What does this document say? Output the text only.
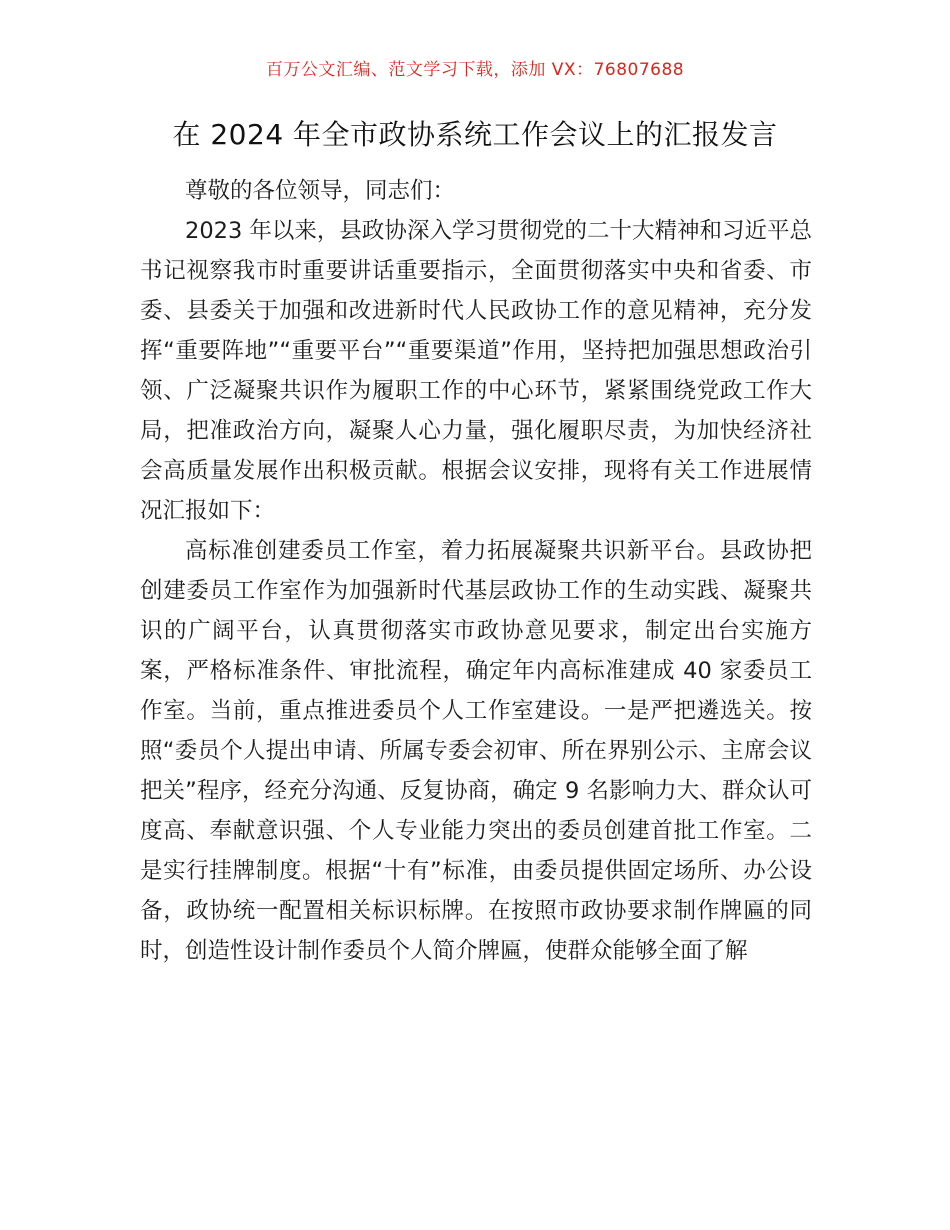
百万公文汇编、范文学习下载，添加 VX：76807688
在 2024 年全市政协系统工作会议上的汇报发言

尊敬的各位领导，同志们：

2023 年以来，县政协深入学习贯彻党的二十大精神和习近平总书记视察我市时重要讲话重要指示，全面贯彻落实中央和省委、市委、县委关于加强和改进新时代人民政协工作的意见精神，充分发挥“重要阵地”“重要平台”“重要渠道”作用，坚持把加强思想政治引领、广泛凝聚共识作为履职工作的中心环节，紧紧围绕党政工作大局，把准政治方向，凝聚人心力量，强化履职尽责，为加快经济社会高质量发展作出积极贡献。根据会议安排，现将有关工作进展情况汇报如下：

高标准创建委员工作室，着力拓展凝聚共识新平台。县政协把创建委员工作室作为加强新时代基层政协工作的生动实践、凝聚共识的广阔平台，认真贯彻落实市政协意见要求，制定出台实施方案，严格标准条件、审批流程，确定年内高标准建成 40 家委员工作室。当前，重点推进委员个人工作室建设。一是严把遴选关。按照“委员个人提出申请、所属专委会初审、所在界别公示、主席会议把关”程序，经充分沟通、反复协商，确定 9 名影响力大、群众认可度高、奉献意识强、个人专业能力突出的委员创建首批工作室。二是实行挂牌制度。根据“十有”标准，由委员提供固定场所、办公设备，政协统一配置相关标识标牌。在按照市政协要求制作牌匾的同时，创造性设计制作委员个人简介牌匾，使群众能够全面了解
